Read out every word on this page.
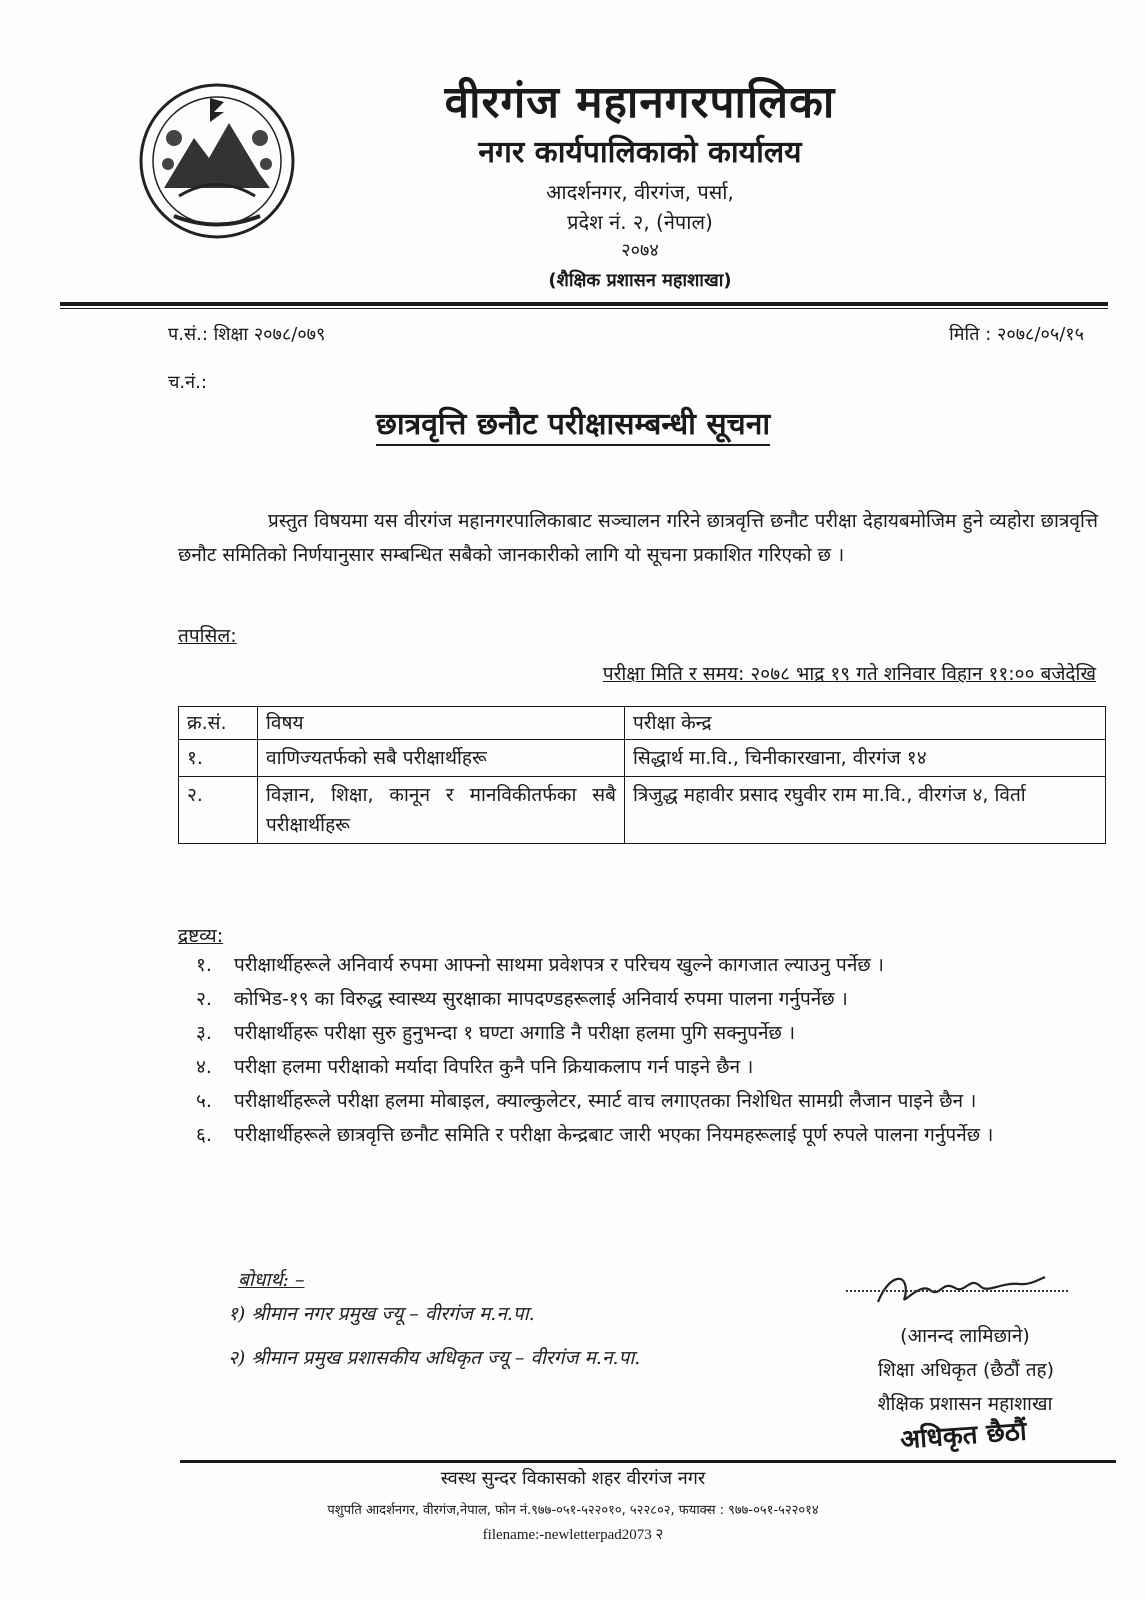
वीरगंज महानगरपालिका
नगर कार्यपालिकाको कार्यालय
आदर्शनगर, वीरगंज, पर्सा,
प्रदेश नं. २, (नेपाल)
२०७४
(शैक्षिक प्रशासन महाशाखा)
प.सं.: शिक्षा २०७८/०७९	मिति : २०७८/०५/१५
च.नं.:
छात्रवृत्ति छनौट परीक्षासम्बन्धी सूचना
प्रस्तुत विषयमा यस वीरगंज महानगरपालिकाबाट सञ्चालन गरिने छात्रवृत्ति छनौट परीक्षा देहायबमोजिम हुने व्यहोरा छात्रवृत्ति छनौट समितिको निर्णयानुसार सम्बन्धित सबैको जानकारीको लागि यो सूचना प्रकाशित गरिएको छ ।
तपसिल:
परीक्षा मिति र समय: २०७८ भाद्र १९ गते शनिवार विहान ११:०० बजेदेखि
क्र.सं.	विषय	परीक्षा केन्द्र
१.	वाणिज्यतर्फको सबै परीक्षार्थीहरू	सिद्धार्थ मा.वि., चिनीकारखाना, वीरगंज १४
२.	विज्ञान, शिक्षा, कानून र मानविकीतर्फका सबै परीक्षार्थीहरू	त्रिजुद्ध महावीर प्रसाद रघुवीर राम मा.वि., वीरगंज ४, विर्ता
द्रष्टव्य:
१.	परीक्षार्थीहरूले अनिवार्य रुपमा आफ्नो साथमा प्रवेशपत्र र परिचय खुल्ने कागजात ल्याउनु पर्नेछ ।
२.	कोभिड-१९ का विरुद्ध स्वास्थ्य सुरक्षाका मापदण्डहरूलाई अनिवार्य रुपमा पालना गर्नुपर्नेछ ।
३.	परीक्षार्थीहरू परीक्षा सुरु हुनुभन्दा १ घण्टा अगाडि नै परीक्षा हलमा पुगि सक्नुपर्नेछ ।
४.	परीक्षा हलमा परीक्षाको मर्यादा विपरित कुनै पनि क्रियाकलाप गर्न पाइने छैन ।
५.	परीक्षार्थीहरूले परीक्षा हलमा मोबाइल, क्याल्कुलेटर, स्मार्ट वाच लगाएतका निशेधित सामग्री लैजान पाइने छैन ।
६.	परीक्षार्थीहरूले छात्रवृत्ति छनौट समिति र परीक्षा केन्द्रबाट जारी भएका नियमहरूलाई पूर्ण रुपले पालना गर्नुपर्नेछ ।
बोधार्थ: –
१) श्रीमान नगर प्रमुख ज्यू – वीरगंज म.न.पा.
२) श्रीमान प्रमुख प्रशासकीय अधिकृत ज्यू – वीरगंज म.न.पा.
(आनन्द लामिछाने)
शिक्षा अधिकृत (छैठौं तह)
शैक्षिक प्रशासन महाशाखा
अधिकृत छैठौं
स्वस्थ सुन्दर विकासको शहर वीरगंज नगर
पशुपति आदर्शनगर, वीरगंज,नेपाल, फोन नं.९७७-०५१-५२२०१०, ५२२८०२, फयाक्स : ९७७-०५१-५२२०१४
filename:-newletterpad2073 २
